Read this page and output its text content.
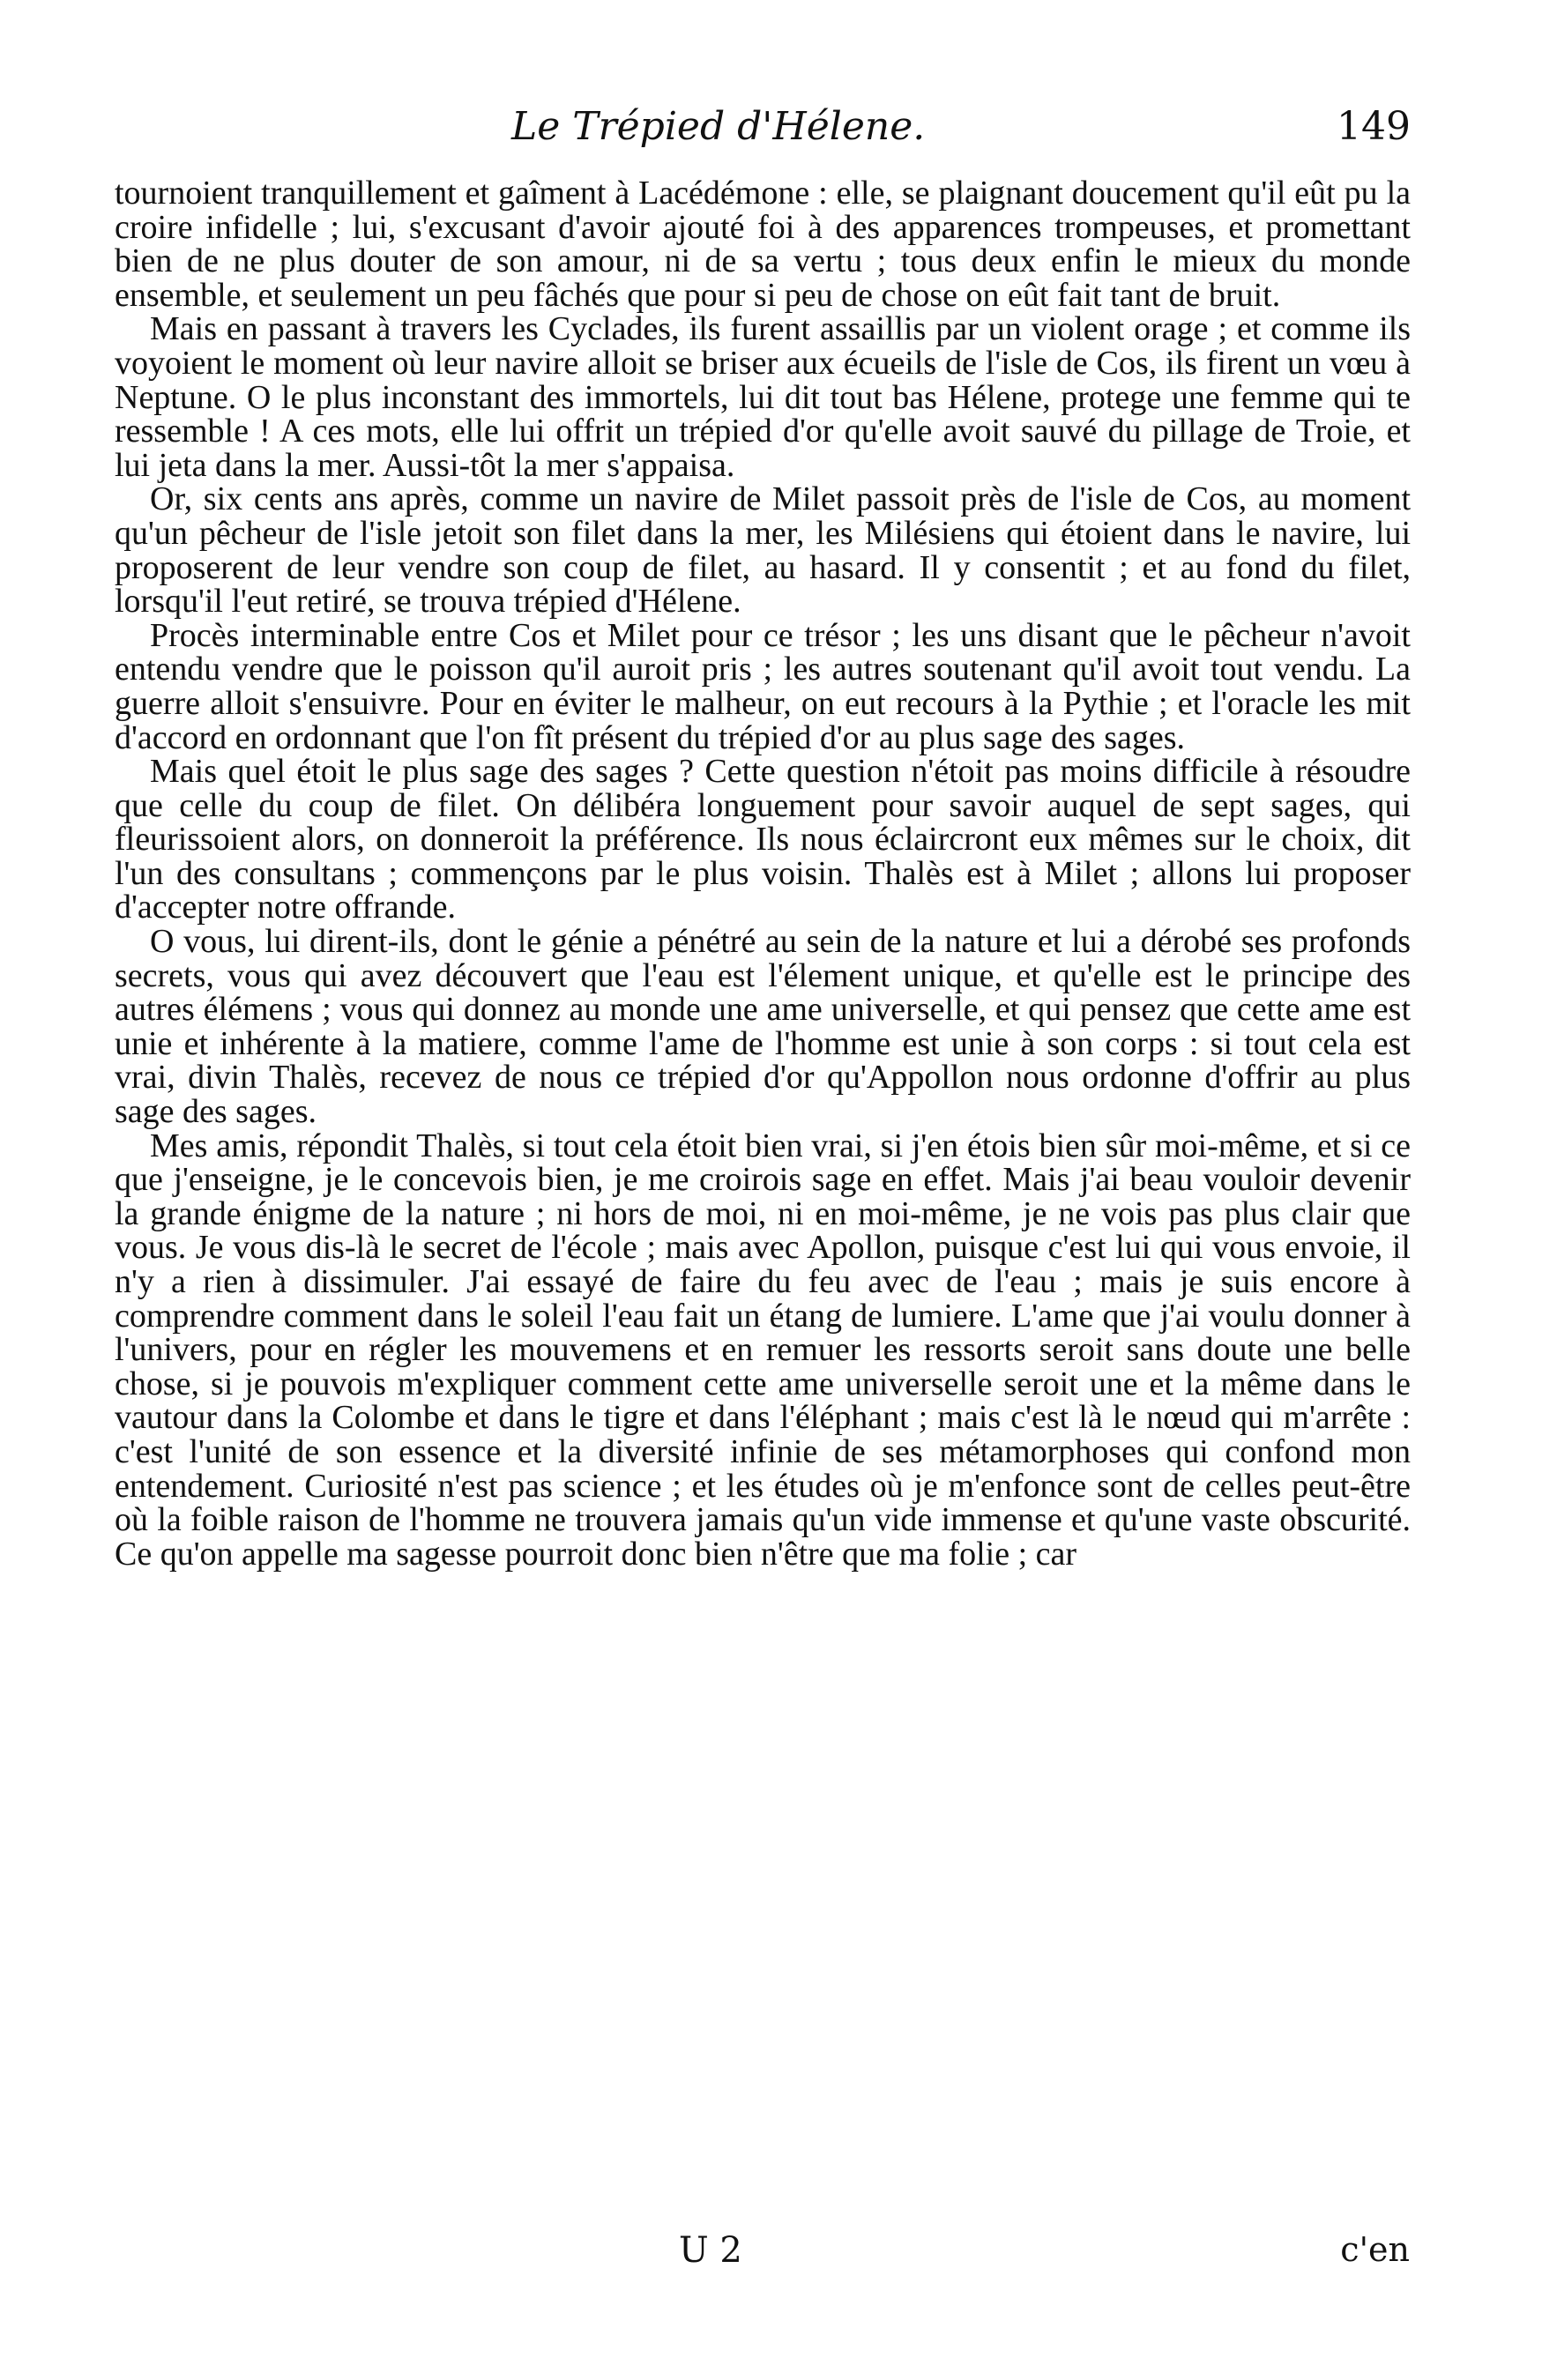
Le Trépied d'Hélene.	149

tournoient tranquillement et gaîment à Lacédémone : elle, se plaignant doucement qu'il eût pu la croire infidelle ; lui, s'excusant d'avoir ajouté foi à des apparences trompeuses, et promettant bien de ne plus douter de son amour, ni de sa vertu ; tous deux enfin le mieux du monde ensemble, et seulement un peu fâchés que pour si peu de chose on eût fait tant de bruit.

Mais en passant à travers les Cyclades, ils furent assaillis par un violent orage ; et comme ils voyoient le moment où leur navire alloit se briser aux écueils de l'isle de Cos, ils firent un vœu à Neptune. O le plus inconstant des immortels, lui dit tout bas Hélene, protege une femme qui te ressemble ! A ces mots, elle lui offrit un trépied d'or qu'elle avoit sauvé du pillage de Troie, et lui jeta dans la mer. Aussi-tôt la mer s'appaisa.

Or, six cents ans après, comme un navire de Milet passoit près de l'isle de Cos, au moment qu'un pêcheur de l'isle jetoit son filet dans la mer, les Milésiens qui étoient dans le navire, lui proposerent de leur vendre son coup de filet, au hasard. Il y consentit ; et au fond du filet, lorsqu'il l'eut retiré, se trouva trépied d'Hélene.

Procès interminable entre Cos et Milet pour ce trésor ; les uns disant que le pêcheur n'avoit entendu vendre que le poisson qu'il auroit pris ; les autres soutenant qu'il avoit tout vendu. La guerre alloit s'ensuivre. Pour en éviter le malheur, on eut recours à la Pythie ; et l'oracle les mit d'accord en ordonnant que l'on fît présent du trépied d'or au plus sage des sages.

Mais quel étoit le plus sage des sages ? Cette question n'étoit pas moins difficile à résoudre que celle du coup de filet. On délibéra longuement pour savoir auquel de sept sages, qui fleurissoient alors, on donneroit la préférence. Ils nous éclaircront eux mêmes sur le choix, dit l'un des consultans ; commençons par le plus voisin. Thalès est à Milet ; allons lui proposer d'accepter notre offrande.

O vous, lui dirent-ils, dont le génie a pénétré au sein de la nature et lui a dérobé ses profonds secrets, vous qui avez découvert que l'eau est l'élement unique, et qu'elle est le principe des autres élémens ; vous qui donnez au monde une ame universelle, et qui pensez que cette ame est unie et inhérente à la matiere, comme l'ame de l'homme est unie à son corps : si tout cela est vrai, divin Thalès, recevez de nous ce trépied d'or qu'Appollon nous ordonne d'offrir au plus sage des sages.

Mes amis, répondit Thalès, si tout cela étoit bien vrai, si j'en étois bien sûr moi-même, et si ce que j'enseigne, je le concevois bien, je me croirois sage en effet. Mais j'ai beau vouloir devenir la grande énigme de la nature ; ni hors de moi, ni en moi-même, je ne vois pas plus clair que vous. Je vous dis-là le secret de l'école ; mais avec Apollon, puisque c'est lui qui vous envoie, il n'y a rien à dissimuler. J'ai essayé de faire du feu avec de l'eau ; mais je suis encore à comprendre comment dans le soleil l'eau fait un étang de lumiere. L'ame que j'ai voulu donner à l'univers, pour en régler les mouvemens et en remuer les ressorts seroit sans doute une belle chose, si je pouvois m'expliquer comment cette ame universelle seroit une et la même dans le vautour dans la Colombe et dans le tigre et dans l'éléphant ; mais c'est là le nœud qui m'arrête : c'est l'unité de son essence et la diversité infinie de ses métamorphoses qui confond mon entendement. Curiosité n'est pas science ; et les études où je m'enfonce sont de celles peut-être où la foible raison de l'homme ne trouvera jamais qu'un vide immense et qu'une vaste obscurité. Ce qu'on appelle ma sagesse pourroit donc bien n'être que ma folie ; car

U 2	c'en
